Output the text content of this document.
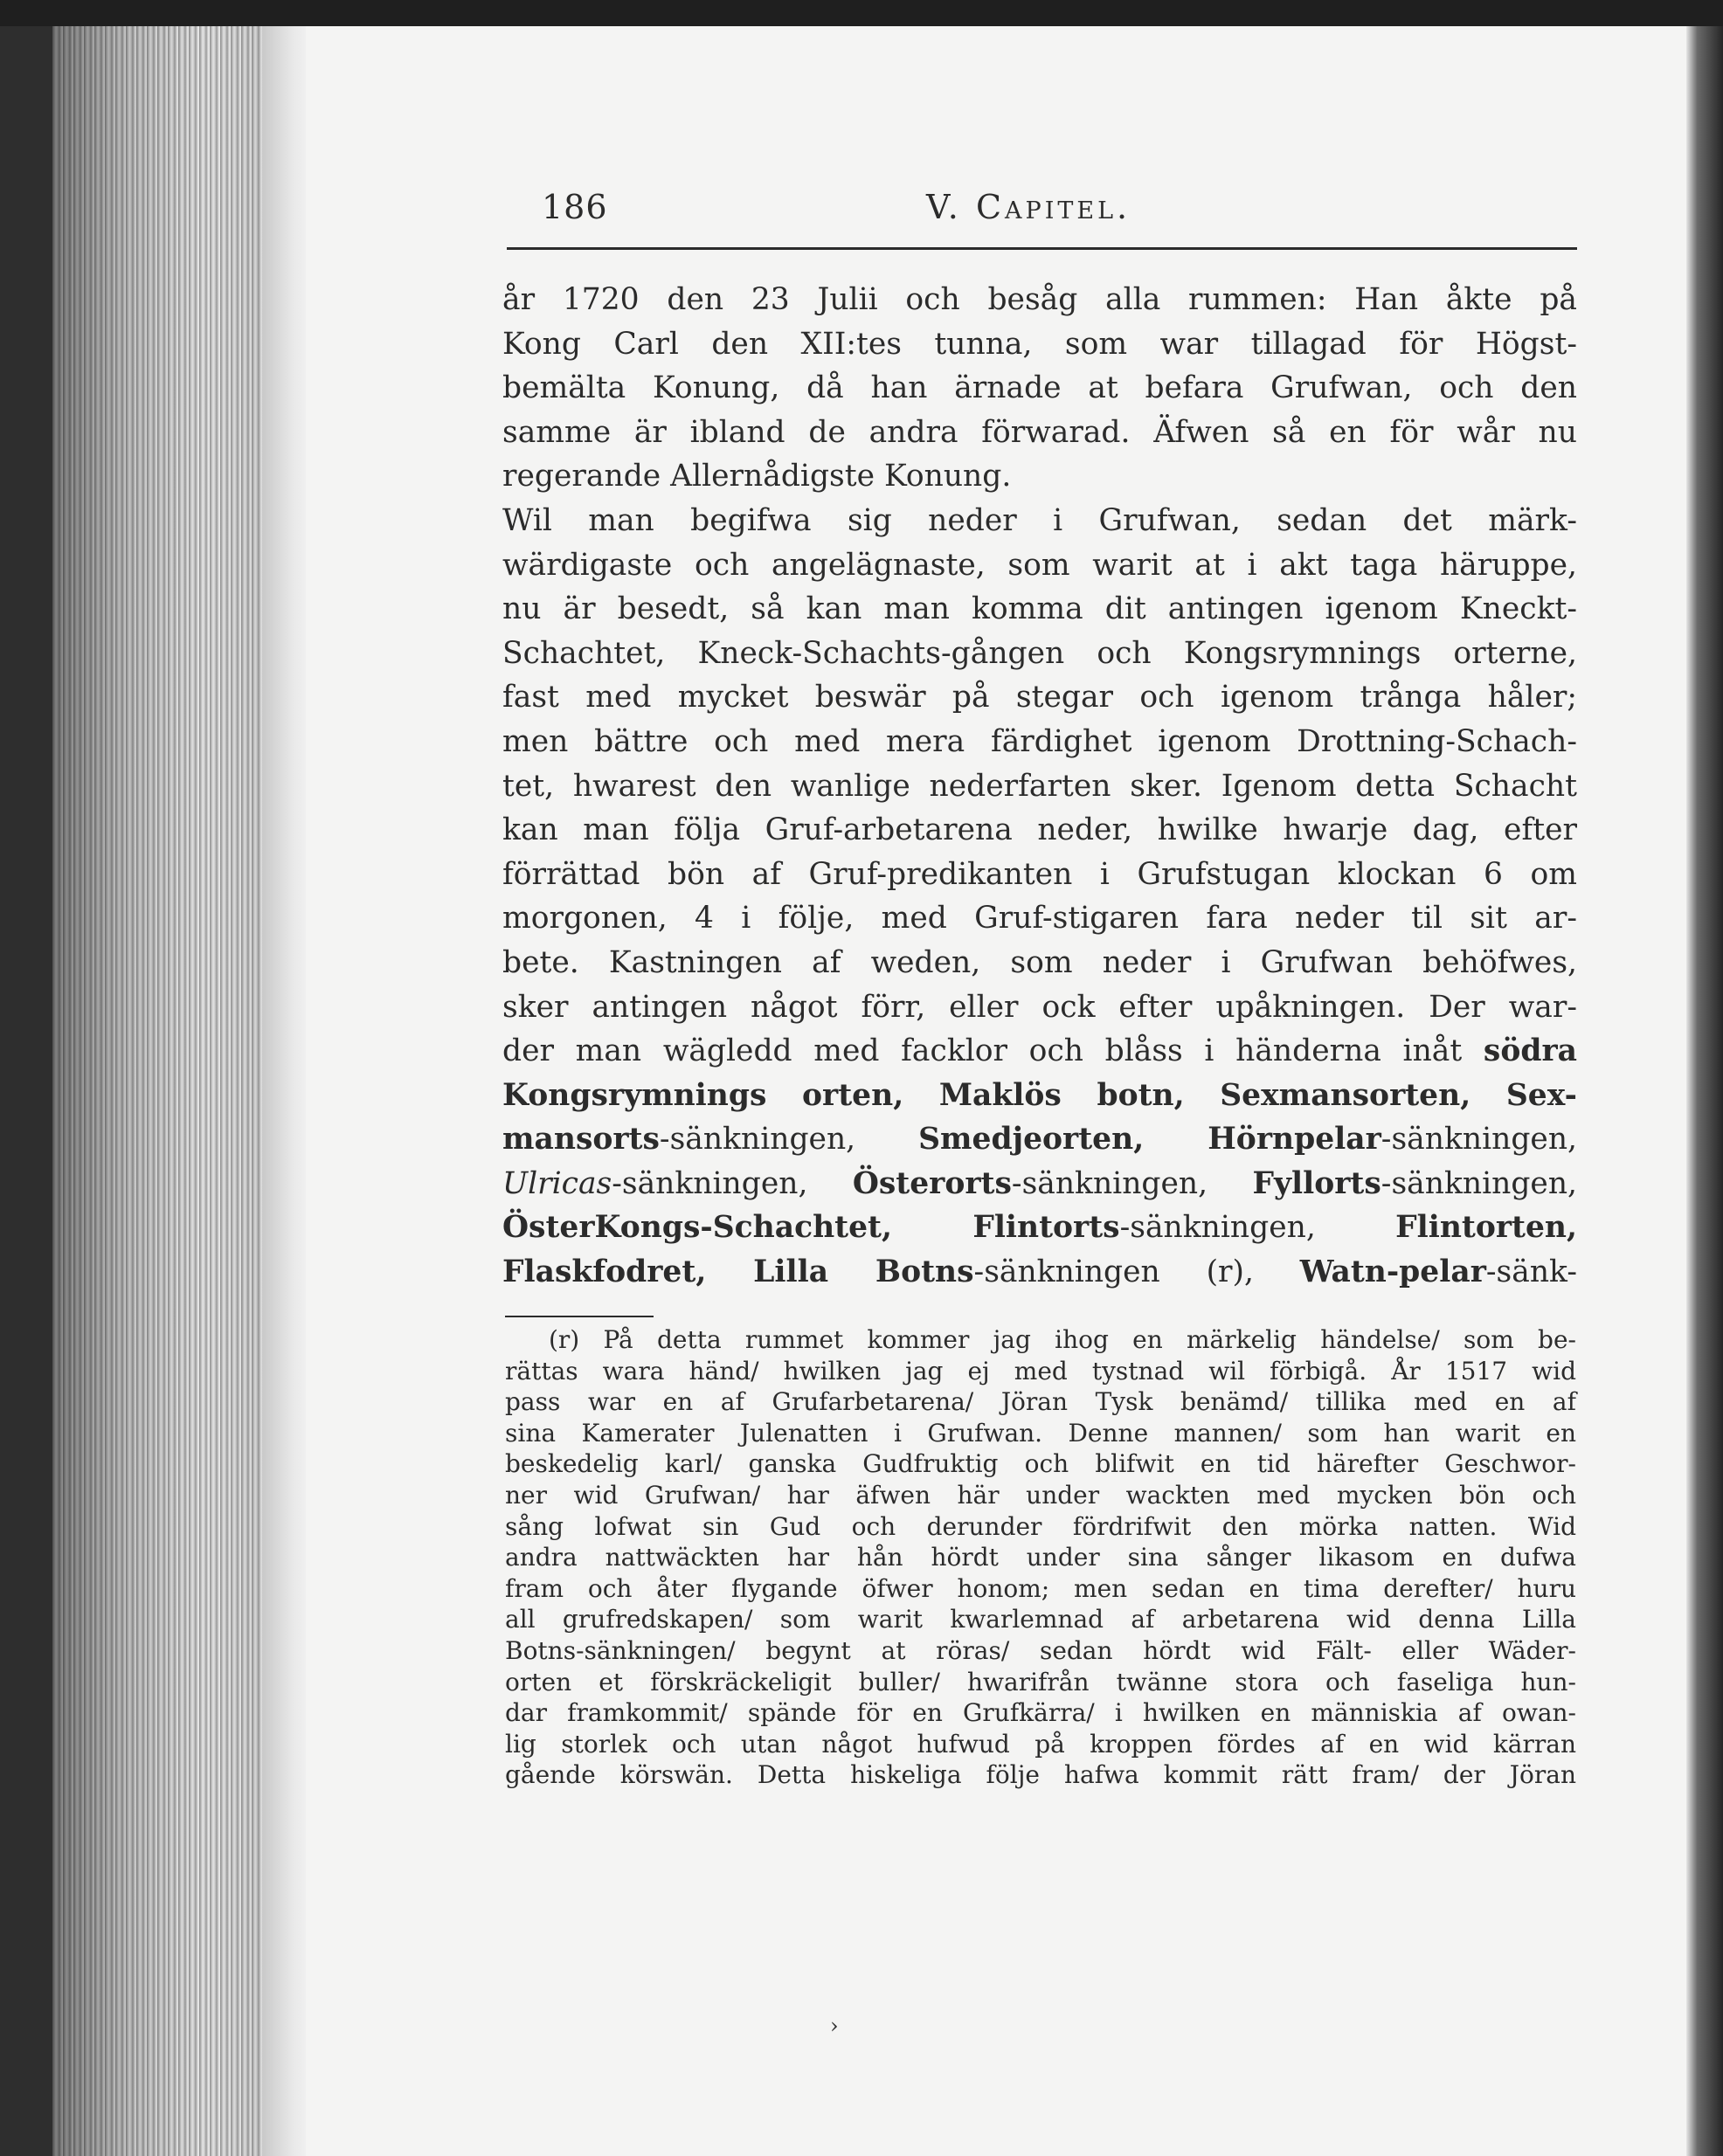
186	V. Capitel.
år 1720 den 23 Julii och besåg alla rummen: Han åkte på
Kong Carl den XII:tes tunna, som war tillagad för Högst-
bemälta Konung, då han ärnade at befara Grufwan, och den
samme är ibland de andra förwarad. Äfwen så en för wår nu
regerande Allernådigste Konung.
Wil man begifwa sig neder i Grufwan, sedan det märk-
wärdigaste och angelägnaste, som warit at i akt taga häruppe,
nu är besedt, så kan man komma dit antingen igenom Kneckt-
Schachtet, Kneck-Schachts-gången och Kongsrymnings orterne,
fast med mycket beswär på stegar och igenom trånga håler;
men bättre och med mera färdighet igenom Drottning-Schach-
tet, hwarest den wanlige nederfarten sker. Igenom detta Schacht
kan man följa Gruf-arbetarena neder, hwilke hwarje dag, efter
förrättad bön af Gruf-predikanten i Grufstugan klockan 6 om
morgonen, 4 i följe, med Gruf-stigaren fara neder til sit ar-
bete. Kastningen af weden, som neder i Grufwan behöfwes,
sker antingen något förr, eller ock efter upåkningen. Der war-
der man wägledd med facklor och blåss i händerna inåt södra
Kongsrymnings orten, Maklös botn, Sexmansorten, Sex-
mansorts-sänkningen, Smedjeorten, Hörnpelar-sänkningen,
Ulricas-sänkningen, Österorts-sänkningen, Fyllorts-sänkningen,
ÖsterKongs-Schachtet, Flintorts-sänkningen, Flintorten,
Flaskfodret, Lilla Botns-sänkningen (r), Watn-pelar-sänk-
(r) På detta rummet kommer jag ihog en märkelig händelse/ som be-
rättas wara händ/ hwilken jag ej med tystnad wil förbigå. År 1517 wid
pass war en af Grufarbetarena/ Jöran Tysk benämd/ tillika med en af
sina Kamerater Julenatten i Grufwan. Denne mannen/ som han warit en
beskedelig karl/ ganska Gudfruktig och blifwit en tid härefter Geschwor-
ner wid Grufwan/ har äfwen här under wackten med mycken bön och
sång lofwat sin Gud och derunder fördrifwit den mörka natten. Wid
andra nattwäckten har hån hördt under sina sånger likasom en dufwa
fram och åter flygande öfwer honom; men sedan en tima derefter/ huru
all grufredskapen/ som warit kwarlemnad af arbetarena wid denna Lilla
Botns-sänkningen/ begynt at röras/ sedan hördt wid Fält- eller Wäder-
orten et förskräckeligit buller/ hwarifrån twänne stora och faseliga hun-
dar framkommit/ spände för en Grufkärra/ i hwilken en människia af owan-
lig storlek och utan något hufwud på kroppen fördes af en wid kärran
gående körswän. Detta hiskeliga följe hafwa kommit rätt fram/ der Jöran
›
